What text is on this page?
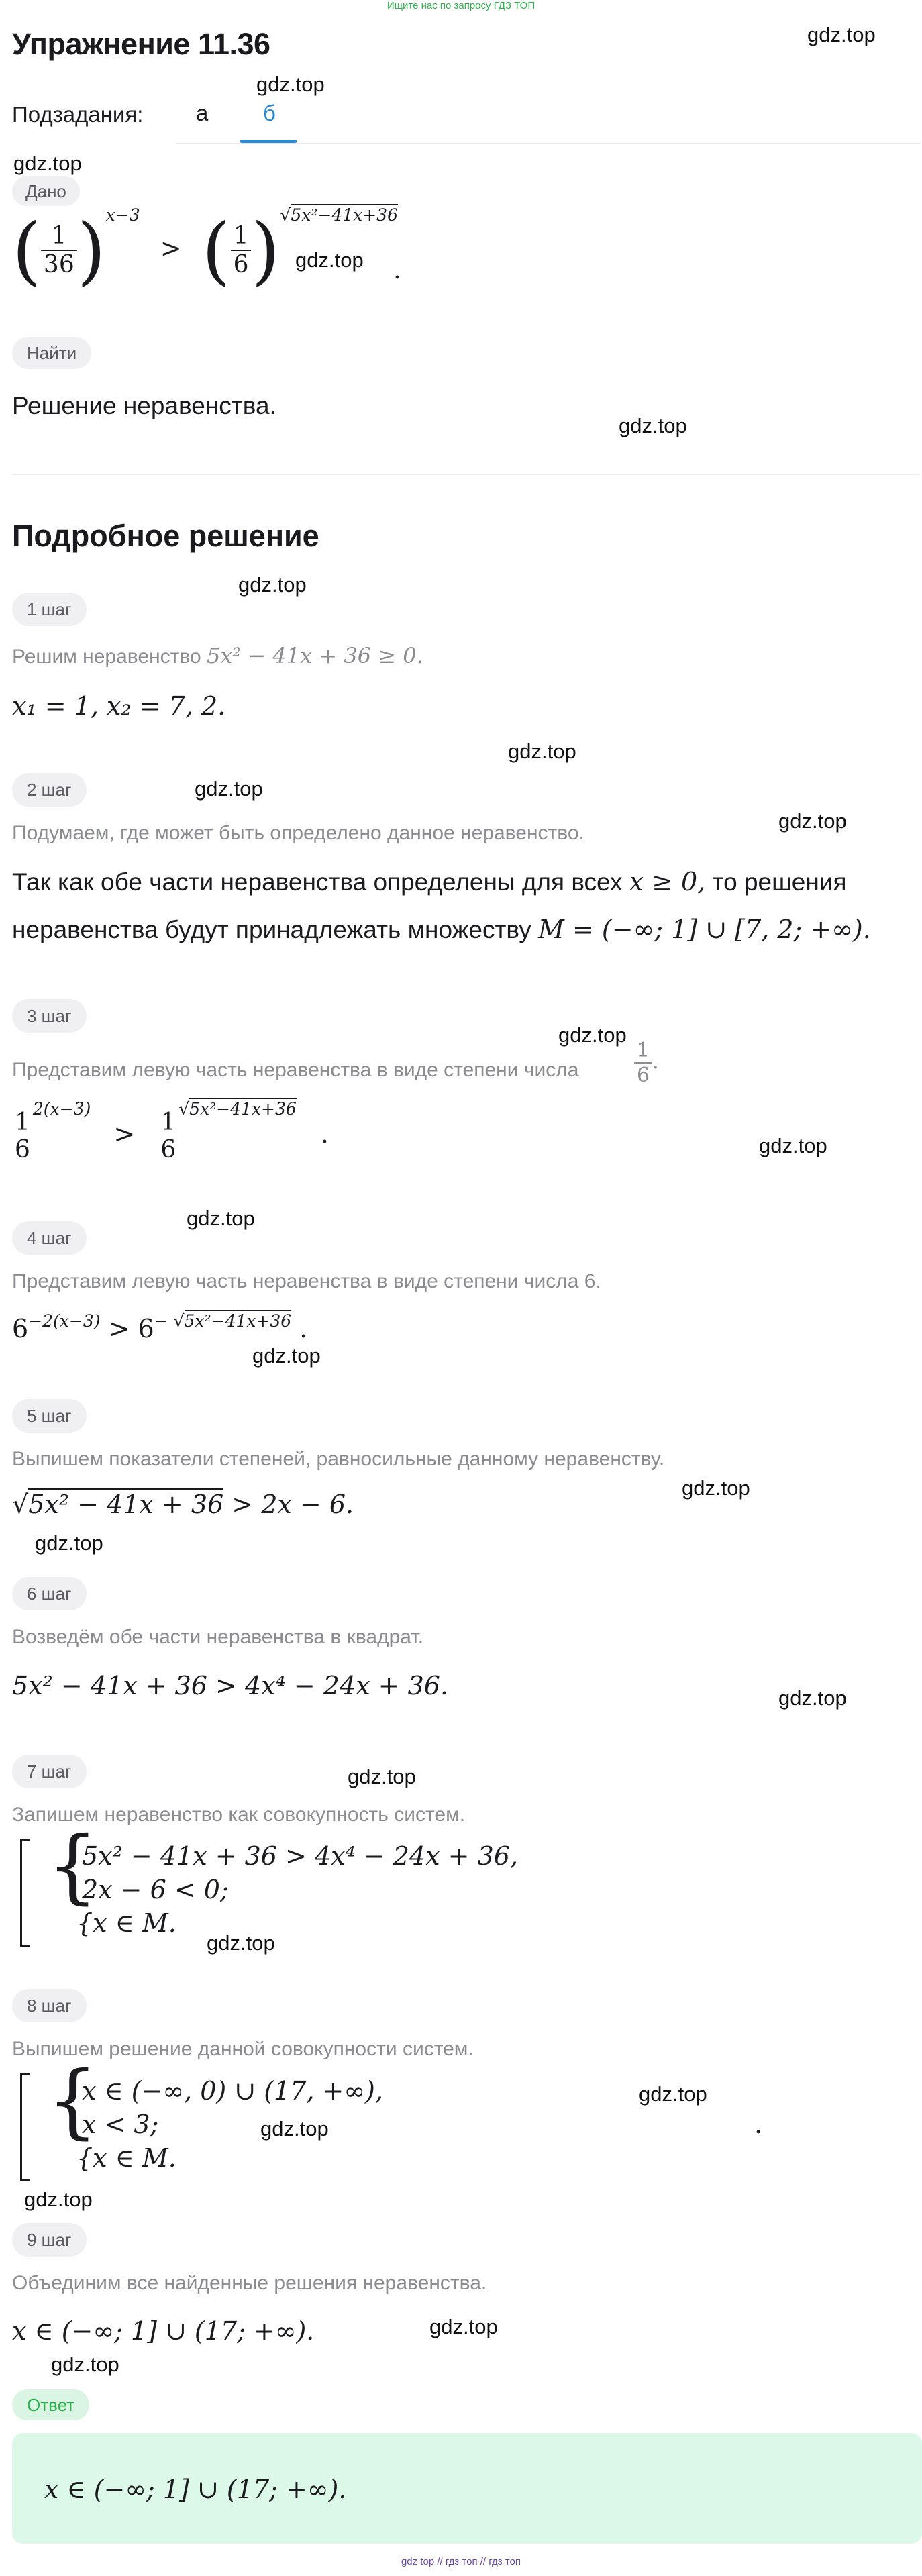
Ищите нас по запросу ГДЗ ТОП
Упражнение 11.36	gdz.top
gdz.top
gdz.top
gdz.top
gdz.top
gdz.top
gdz.top
gdz.top
gdz.top
gdz.top
gdz.top
gdz.top
gdz.top
gdz.top
gdz.top
gdz.top
gdz.top
gdz.top
gdz.top
gdz.top
gdz.top
gdz.top
gdz.top
Подзадания: а б
Дано
( $\frac{1}{36} )^{x-3}$ > ( $\frac{1}{6} )^{√5x^2-41x+36}$
.
Найти
Решение неравенства.
Подробное решение
1 шаг
Решим неравенство 5x² − 41x + 36 ≥ 0.
x₁ = 1, x₂ = 7, 2.
2 шаг
Подумаем, где может быть определено данное неравенство.
Так как обе части неравенства определены для всех x ≥ 0, то решения
неравенства будут принадлежать множеству M = (−∞; 1] ∪ [7, 2; +∞).
3 шаг
Представим левую часть неравенства в виде степени числа	$\frac{1}{6}$ .
1
6
$^{2(x-3)}$ > 1
6
$^{√5x^2-41x+36}$ .
4 шаг
Представим левую часть неравенства в виде степени числа 6.
$6^{-2(x-3)} > 6^{- √5x^2-41x+36}$ .
5 шаг
Выпишем показатели степеней, равносильные данному неравенству.
√5x² − 41x + 36 > 2x − 6.
6 шаг
Возведём обе части неравенства в квадрат.
5x² − 41x + 36 > 4x⁴ − 24x + 36.
7 шаг
Запишем неравенство как совокупность систем.
{
5x² − 41x + 36 > 4x⁴ − 24x + 36,
2x − 6 < 0;
{x ∈ M.
8 шаг
Выпишем решение данной совокупности систем.
{
x ∈ (−∞, 0) ∪ (17, +∞),
x < 3;
{x ∈ M.
.
9 шаг
Объединим все найденные решения неравенства.
x ∈ (−∞; 1] ∪ (17; +∞).
Ответ
x ∈ (−∞; 1] ∪ (17; +∞).
gdz top // гдз топ // гдз топ
